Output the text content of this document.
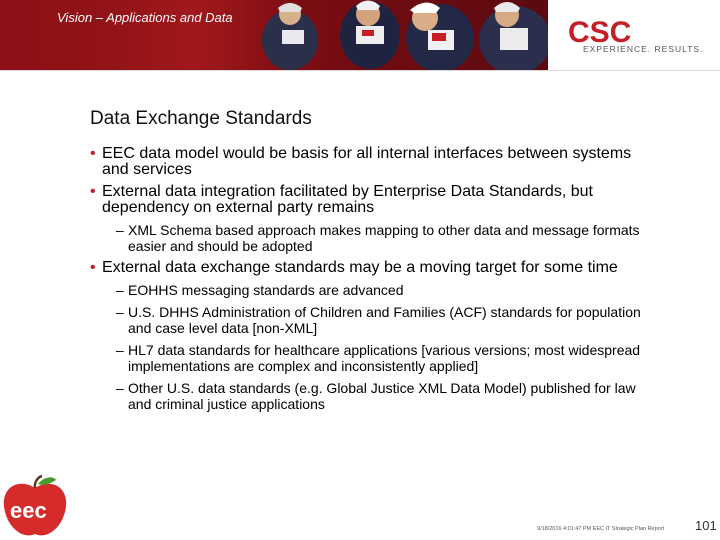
Vision – Applications and Data	CSC
EXPERIENCE. RESULTS.
Data Exchange Standards
• EEC data model would be basis for all internal interfaces between systems and services
• External data integration facilitated by Enterprise Data Standards, but dependency on external party remains
– XML Schema based approach makes mapping to other data and message formats easier and should be adopted
• External data exchange standards may be a moving target for some time
– EOHHS messaging standards are advanced
– U.S. DHHS Administration of Children and Families (ACF) standards for population and case level data [non-XML]
– HL7 data standards for healthcare applications [various versions; most widespread implementations are complex and inconsistently applied]
– Other U.S. data standards (e.g. Global Justice XML Data Model) published for law and criminal justice applications
eec
9/18/2016 4:01:47 PM EEC IT Strategic Plan Report 101
